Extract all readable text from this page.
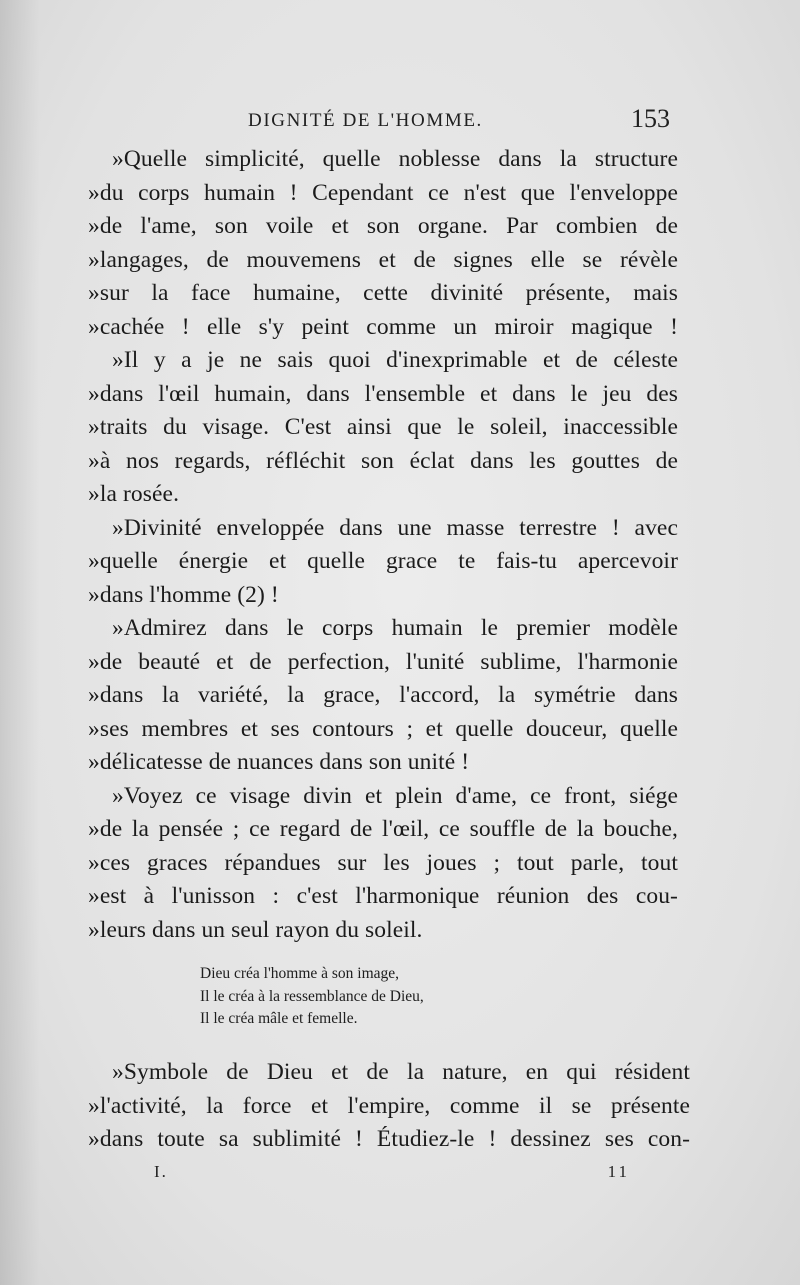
DIGNITÉ DE L'HOMME.	153
»Quelle simplicité, quelle noblesse dans la structure
»du corps humain ! Cependant ce n'est que l'enveloppe
»de l'ame, son voile et son organe. Par combien de
»langages, de mouvemens et de signes elle se révèle
»sur la face humaine, cette divinité présente, mais
»cachée ! elle s'y peint comme un miroir magique !
»Il y a je ne sais quoi d'inexprimable et de céleste
»dans l'œil humain, dans l'ensemble et dans le jeu des
»traits du visage. C'est ainsi que le soleil, inaccessible
»à nos regards, réfléchit son éclat dans les gouttes de
»la rosée.
»Divinité enveloppée dans une masse terrestre ! avec
»quelle énergie et quelle grace te fais-tu apercevoir
»dans l'homme (2) !
»Admirez dans le corps humain le premier modèle
»de beauté et de perfection, l'unité sublime, l'harmonie
»dans la variété, la grace, l'accord, la symétrie dans
»ses membres et ses contours ; et quelle douceur, quelle
»délicatesse de nuances dans son unité !
»Voyez ce visage divin et plein d'ame, ce front, siége
»de la pensée ; ce regard de l'œil, ce souffle de la bouche,
»ces graces répandues sur les joues ; tout parle, tout
»est à l'unisson : c'est l'harmonique réunion des cou-
»leurs dans un seul rayon du soleil.
Dieu créa l'homme à son image,
Il le créa à la ressemblance de Dieu,
Il le créa mâle et femelle.
»Symbole de Dieu et de la nature, en qui résident
»l'activité, la force et l'empire, comme il se présente
»dans toute sa sublimité ! Étudiez-le ! dessinez ses con-
I.	11
